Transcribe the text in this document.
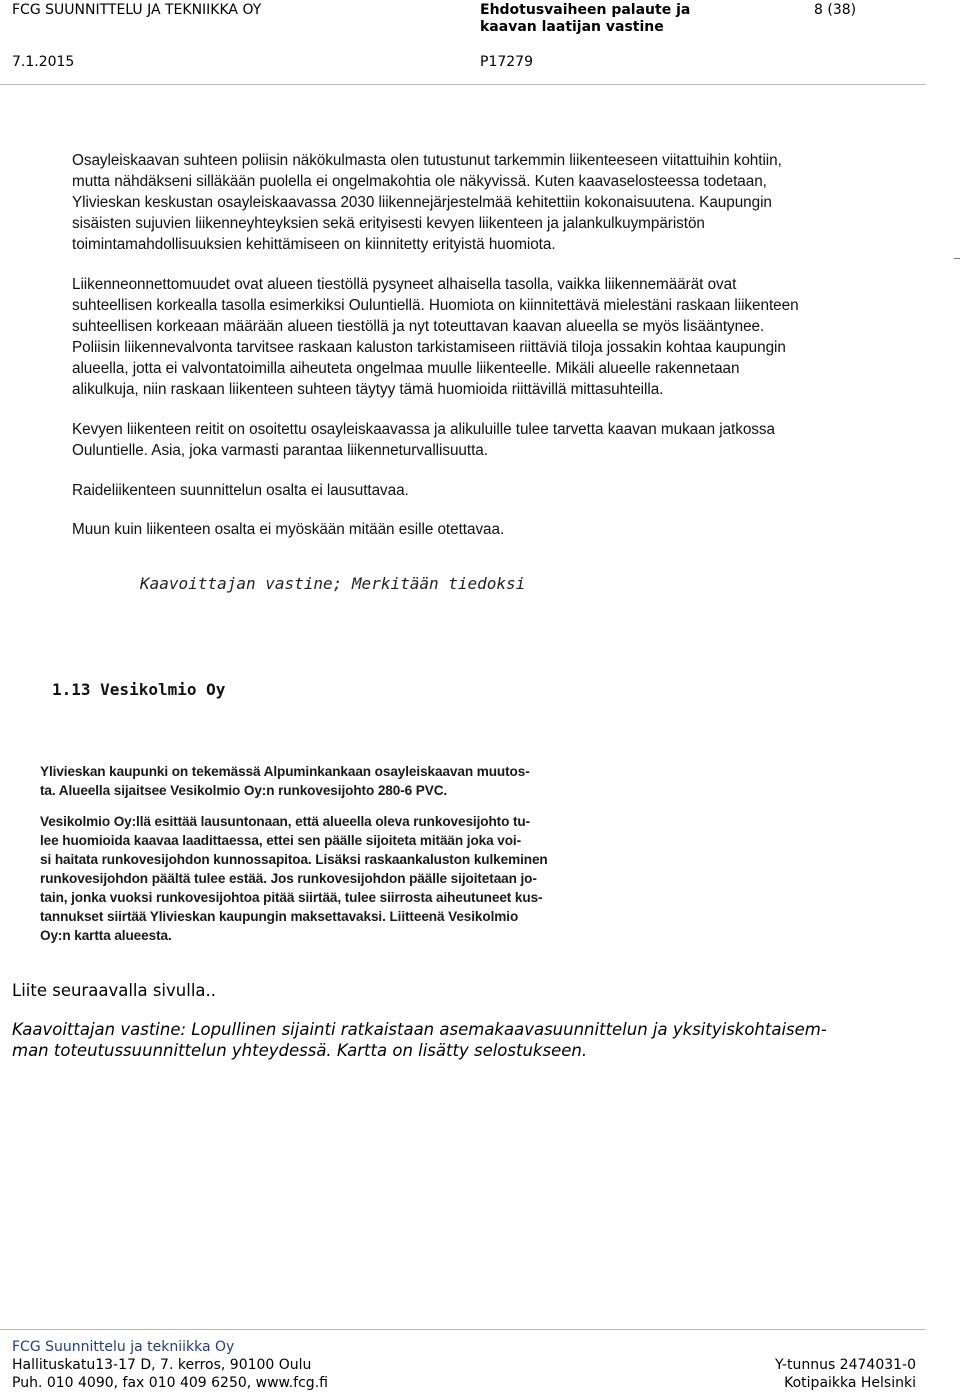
FCG SUUNNITTELU JA TEKNIIKKA OY	Ehdotusvaiheen palaute ja
kaavan laatijan vastine
8 (38)
7.1.2015	P17279

Osayleiskaavan suhteen poliisin näkökulmasta olen tutustunut tarkemmin liikenteeseen viitattuihin kohtiin,

mutta nähdäkseni silläkään puolella ei ongelmakohtia ole näkyvissä. Kuten kaavaselosteessa todetaan,

Ylivieskan keskustan osayleiskaavassa 2030 liikennejärjestelmää kehitettiin kokonaisuutena. Kaupungin

sisäisten sujuvien liikenneyhteyksien sekä erityisesti kevyen liikenteen ja jalankulkuympäristön

toimintamahdollisuuksien kehittämiseen on kiinnitetty erityistä huomiota.

Liikenneonnettomuudet ovat alueen tiestöllä pysyneet alhaisella tasolla, vaikka liikennemäärät ovat

suhteellisen korkealla tasolla esimerkiksi Ouluntiellä. Huomiota on kiinnitettävä mielestäni raskaan liikenteen

suhteellisen korkeaan määrään alueen tiestöllä ja nyt toteuttavan kaavan alueella se myös lisääntynee.

Poliisin liikennevalvonta tarvitsee raskaan kaluston tarkistamiseen riittäviä tiloja jossakin kohtaa kaupungin

alueella, jotta ei valvontatoimilla aiheuteta ongelmaa muulle liikenteelle. Mikäli alueelle rakennetaan

alikulkuja, niin raskaan liikenteen suhteen täytyy tämä huomioida riittävillä mittasuhteilla.

Kevyen liikenteen reitit on osoitettu osayleiskaavassa ja alikuluille tulee tarvetta kaavan mukaan jatkossa

Ouluntielle. Asia, joka varmasti parantaa liikenneturvallisuutta.

Raideliikenteen suunnittelun osalta ei lausuttavaa.

Muun kuin liikenteen osalta ei myöskään mitään esille otettavaa.

Kaavoittajan vastine; Merkitään tiedoksi
1.13 Vesikolmio Oy

Ylivieskan kaupunki on tekemässä Alpuminkankaan osayleiskaavan muutos-

ta. Alueella sijaitsee Vesikolmio Oy:n runkovesijohto 280-6 PVC.

Vesikolmio Oy:llä esittää lausuntonaan, että alueella oleva runkovesijohto tu-

lee huomioida kaavaa laadittaessa, ettei sen päälle sijoiteta mitään joka voi-

si haitata runkovesijohdon kunnossapitoa. Lisäksi raskaankaluston kulkeminen

runkovesijohdon päältä tulee estää. Jos runkovesijohdon päälle sijoitetaan jo-

tain, jonka vuoksi runkovesijohtoa pitää siirtää, tulee siirrosta aiheutuneet kus-

tannukset siirtää Ylivieskan kaupungin maksettavaksi. Liitteenä Vesikolmio

Oy:n kartta alueesta.

Liite seuraavalla sivulla..
Kaavoittajan vastine: Lopullinen sijainti ratkaistaan asemakaavasuunnittelun ja yksityiskohtaisem-
man toteutussuunnittelun yhteydessä. Kartta on lisätty selostukseen.
FCG Suunnittelu ja tekniikka Oy
Hallituskatu13-17 D, 7. kerros, 90100 Oulu
Puh. 010 4090, fax 010 409 6250, www.fcg.fi
Y-tunnus 2474031-0
Kotipaikka Helsinki
